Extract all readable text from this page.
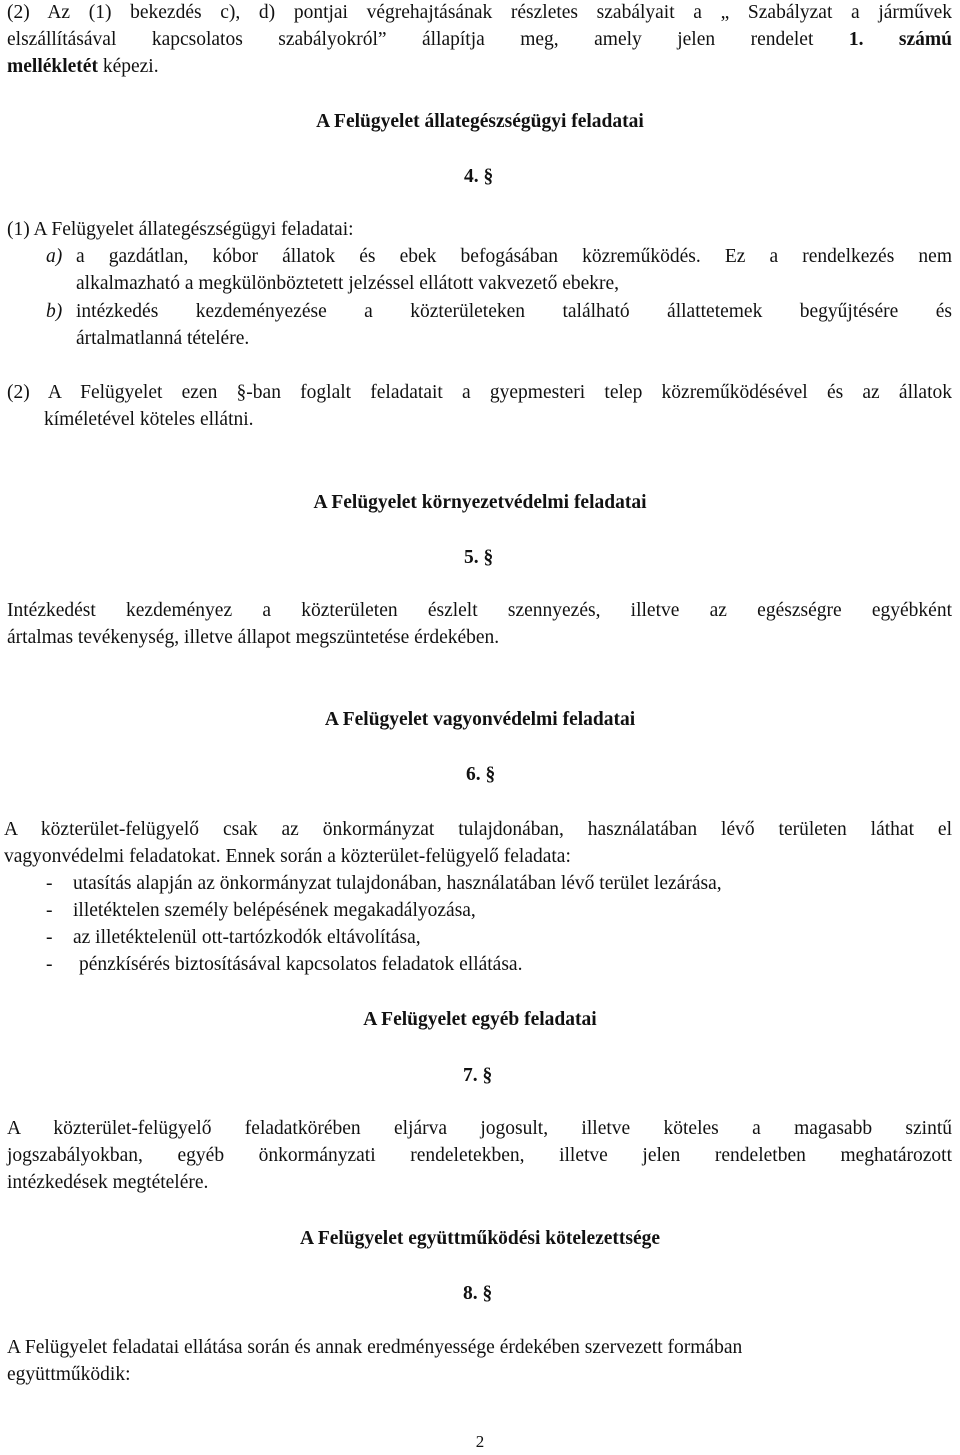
(2) Az (1) bekezdés c), d) pontjai végrehajtásának részletes szabályait a „ Szabályzat a járművek
elszállításával kapcsolatos szabályokról” állapítja meg, amely jelen rendelet 1. számú
mellékletét képezi.
A Felügyelet állategészségügyi feladatai
4. §
(1) A Felügyelet állategészségügyi feladatai:
a) a gazdátlan, kóbor állatok és ebek befogásában közreműködés. Ez a rendelkezés nem
alkalmazható a megkülönböztetett jelzéssel ellátott vakvezető ebekre,
b) intézkedés kezdeményezése a közterületeken található állattetemek begyűjtésére és
ártalmatlanná tételére.
(2) A Felügyelet ezen §-ban foglalt feladatait a gyepmesteri telep közreműködésével és az állatok
kíméletével köteles ellátni.
A Felügyelet környezetvédelmi feladatai
5. §
Intézkedést kezdeményez a közterületen észlelt szennyezés, illetve az egészségre egyébként
ártalmas tevékenység, illetve állapot megszüntetése érdekében.
A Felügyelet vagyonvédelmi feladatai
6. §
A közterület-felügyelő csak az önkormányzat tulajdonában, használatában lévő területen láthat el
vagyonvédelmi feladatokat. Ennek során a közterület-felügyelő feladata:
- utasítás alapján az önkormányzat tulajdonában, használatában lévő terület lezárása,
- illetéktelen személy belépésének megakadályozása,
- az illetéktelenül ott-tartózkodók eltávolítása,
- pénzkísérés biztosításával kapcsolatos feladatok ellátása.
A Felügyelet egyéb feladatai
7. §
A közterület-felügyelő feladatkörében eljárva jogosult, illetve köteles a magasabb szintű
jogszabályokban, egyéb önkormányzati rendeletekben, illetve jelen rendeletben meghatározott
intézkedések megtételére.
A Felügyelet együttműködési kötelezettsége
8. §
A Felügyelet feladatai ellátása során és annak eredményessége érdekében szervezett formában
együttműködik:
2
